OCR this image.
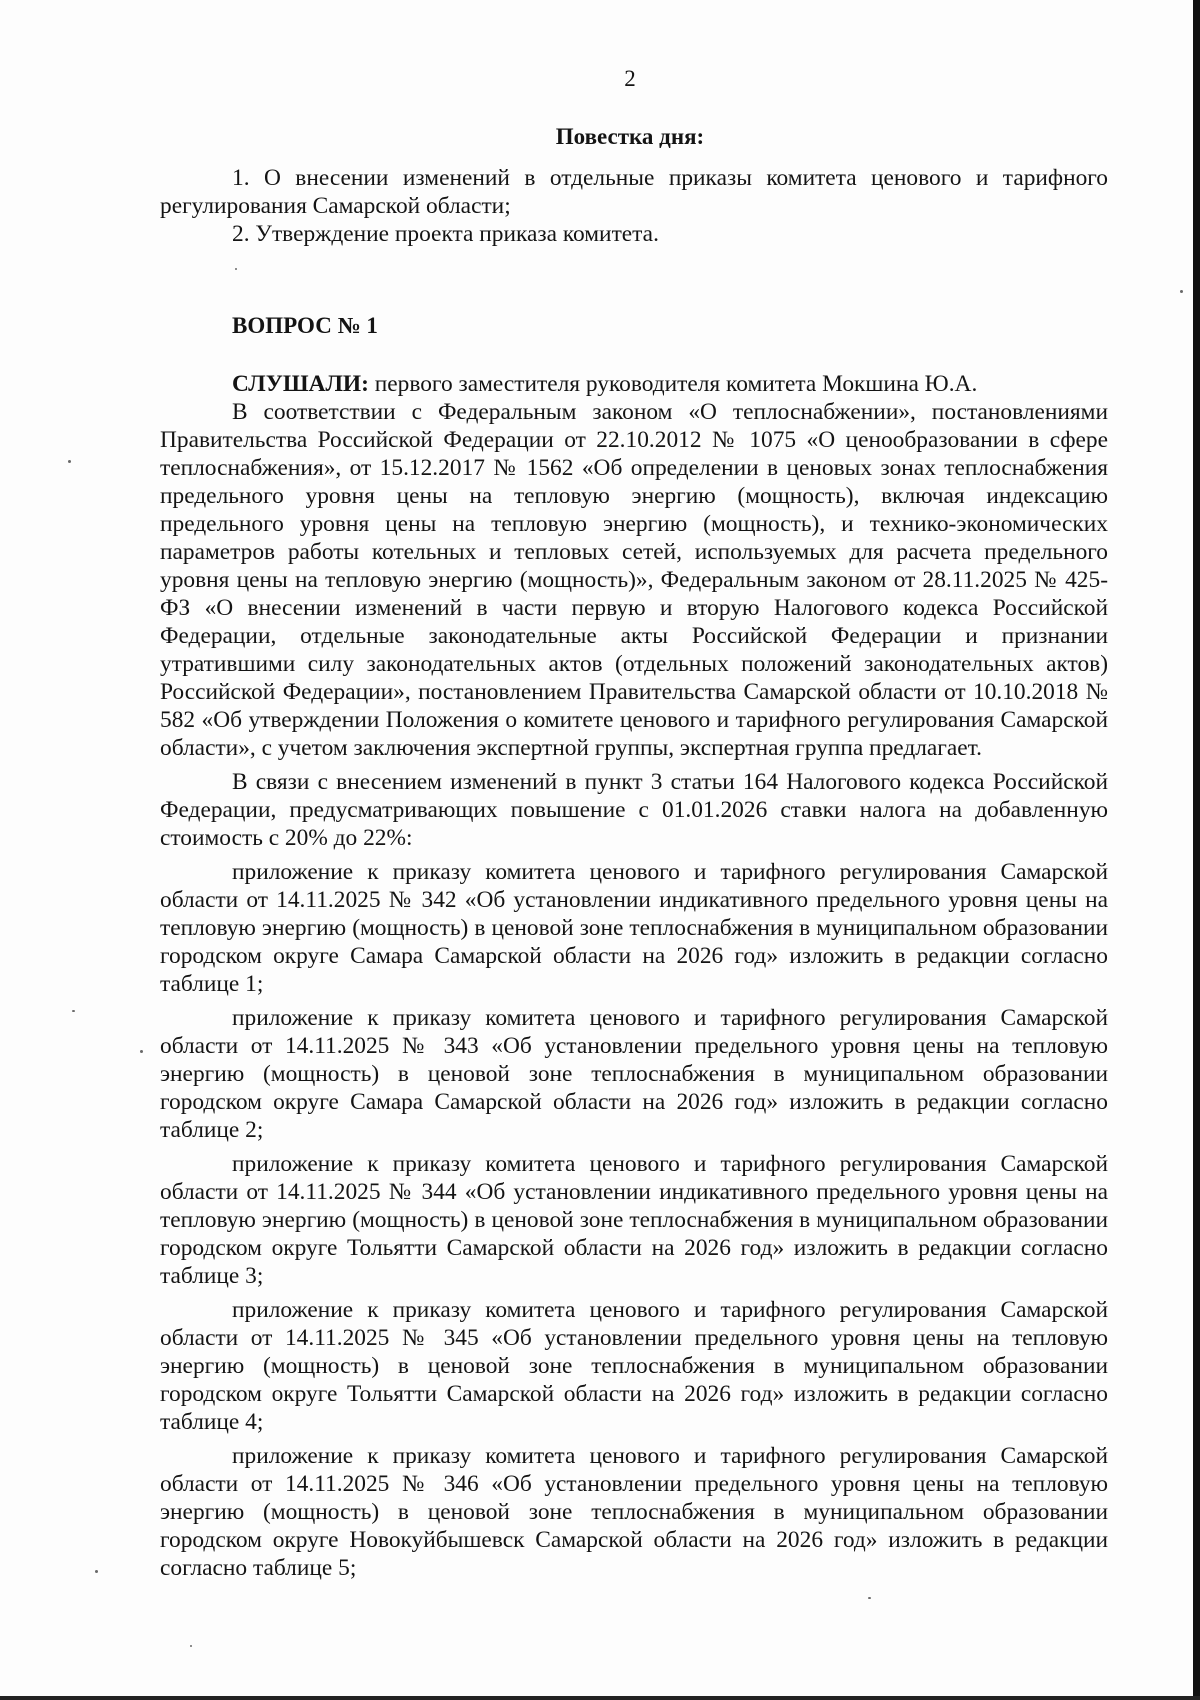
2
Повестка дня:

1. О внесении изменений в отдельные приказы комитета ценового и тарифного регулирования Самарской области;

2. Утверждение проекта приказа комитета.

ВОПРОС № 1

СЛУШАЛИ: первого заместителя руководителя комитета Мокшина Ю.А.

В соответствии с Федеральным законом «О теплоснабжении», постановлениями Правительства Российской Федерации от 22.10.2012 № 1075 «О ценообразовании в сфере теплоснабжения», от 15.12.2017 № 1562 «Об определении в ценовых зонах теплоснабжения предельного уровня цены на тепловую энергию (мощность), включая индексацию предельного уровня цены на тепловую энергию (мощность), и технико-экономических параметров работы котельных и тепловых сетей, используемых для расчета предельного уровня цены на тепловую энергию (мощность)», Федеральным законом от 28.11.2025 № 425-ФЗ «О внесении изменений в части первую и вторую Налогового кодекса Российской Федерации, отдельные законодательные акты Российской Федерации и признании утратившими силу законодательных актов (отдельных положений законодательных актов) Российской Федерации», постановлением Правительства Самарской области от 10.10.2018 № 582 «Об утверждении Положения о комитете ценового и тарифного регулирования Самарской области», с учетом заключения экспертной группы, экспертная группа предлагает.

В связи с внесением изменений в пункт 3 статьи 164 Налогового кодекса Российской Федерации, предусматривающих повышение с 01.01.2026 ставки налога на добавленную стоимость с 20% до 22%:

приложение к приказу комитета ценового и тарифного регулирования Самарской области от 14.11.2025 № 342 «Об установлении индикативного предельного уровня цены на тепловую энергию (мощность) в ценовой зоне теплоснабжения в муниципальном образовании городском округе Самара Самарской области на 2026 год» изложить в редакции согласно таблице 1;

приложение к приказу комитета ценового и тарифного регулирования Самарской области от 14.11.2025 № 343 «Об установлении предельного уровня цены на тепловую энергию (мощность) в ценовой зоне теплоснабжения в муниципальном образовании городском округе Самара Самарской области на 2026 год» изложить в редакции согласно таблице 2;

приложение к приказу комитета ценового и тарифного регулирования Самарской области от 14.11.2025 № 344 «Об установлении индикативного предельного уровня цены на тепловую энергию (мощность) в ценовой зоне теплоснабжения в муниципальном образовании городском округе Тольятти Самарской области на 2026 год» изложить в редакции согласно таблице 3;

приложение к приказу комитета ценового и тарифного регулирования Самарской области от 14.11.2025 № 345 «Об установлении предельного уровня цены на тепловую энергию (мощность) в ценовой зоне теплоснабжения в муниципальном образовании городском округе Тольятти Самарской области на 2026 год» изложить в редакции согласно таблице 4;

приложение к приказу комитета ценового и тарифного регулирования Самарской области от 14.11.2025 № 346 «Об установлении предельного уровня цены на тепловую энергию (мощность) в ценовой зоне теплоснабжения в муниципальном образовании городском округе Новокуйбышевск Самарской области на 2026 год» изложить в редакции согласно таблице 5;
